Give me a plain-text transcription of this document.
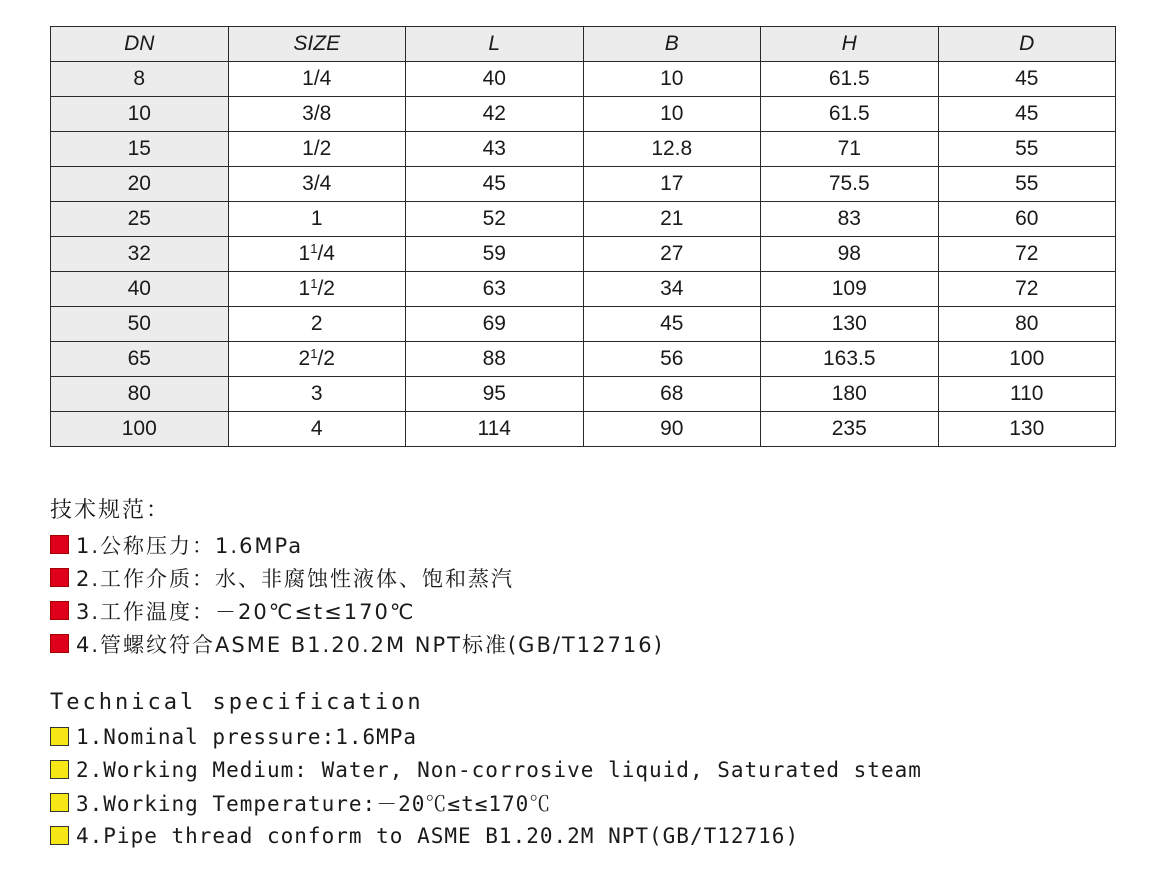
DN	SIZE	L	B	H	D
8	1/4	40	10	61.5	45
10	3/8	42	10	61.5	45
15	1/2	43	12.8	71	55
20	3/4	45	17	75.5	55
25	1	52	21	83	60
32	$1^1/4$	59	27	98	72
40	$1^1/2$	63	34	109	72
50	2	69	45	130	80
65	$2^1/2$	88	56	163.5	100
80	3	95	68	180	110
100	4	114	90	235	130
技术规范：
1.公称压力：1.6MPa
2.工作介质：水、非腐蚀性液体、饱和蒸汽
3.工作温度：－20℃≤t≤170℃
4.管螺纹符合ASME B1.20.2M NPT标准(GB/T12716)
Technical specification
1.Nominal pressure:1.6MPa
2.Working Medium: Water, Non-corrosive liquid, Saturated steam
3.Working Temperature:－20℃≤t≤170℃
4.Pipe thread conform to ASME B1.20.2M NPT(GB/T12716)
